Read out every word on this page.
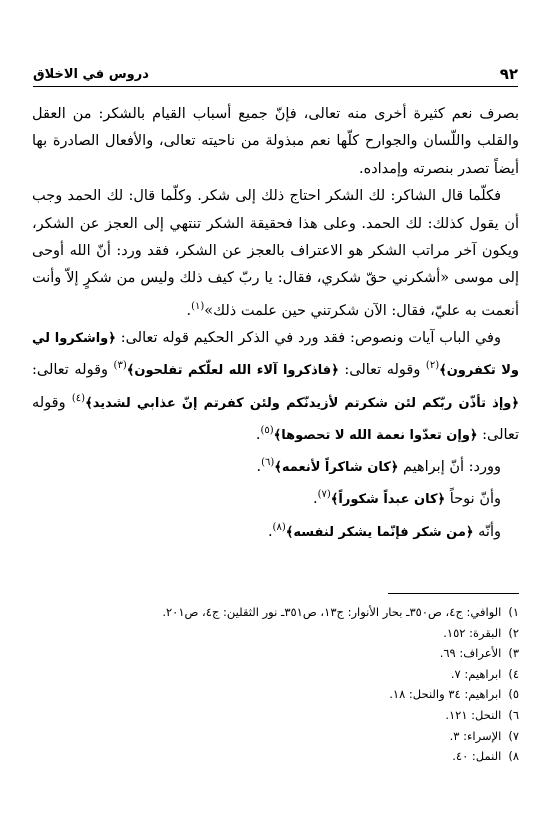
٩٢
دروس في الاخلاق

بصرف نعم كثيرة أخرى منه تعالى، فإنّ جميع أسباب القيام بالشكر: من العقل والقلب واللّسان والجوارح كلّها نعم مبذولة من ناحيته تعالى، والأفعال الصادرة بها أيضاً تصدر بنصرته وإمداده.

فكلّما قال الشاكر: لك الشكر احتاج ذلك إلى شكر. وكلّما قال: لك الحمد وجب أن يقول كذلك: لك الحمد. وعلى هذا فحقيقة الشكر تنتهي إلى العجز عن الشكر، ويكون آخر مراتب الشكر هو الاعتراف بالعجز عن الشكر، فقد ورد: أنّ الله أوحى إلى موسى «أشكرني حقّ شكري، فقال: يا ربّ كيف ذلك وليس من شكرٍ إلاّ وأنت أنعمت به عليّ، فقال: الآن شكرتني حين علمت ذلك»$^{(١)}$.

وفي الباب آيات ونصوص: فقد ورد في الذكر الحكيم قوله تعالى: ﴿واشكروا لي ولا تكفرون﴾$^{(٢)}$ وقوله تعالى: ﴿فاذكروا آلاء الله لعلّكم تفلحون﴾$^{(٣)}$ وقوله تعالى: ﴿وإذ تأذّن ربّكم لئن شكرتم لأزيدنّكم ولئن كفرتم إنّ عذابي لشديد﴾$^{(٤)}$ وقوله تعالى: ﴿وإن تعدّوا نعمة الله لا تحصوها﴾$^{(٥)}$.

وورد: أنّ إبراهيم ﴿كان شاكراً لأنعمه﴾$^{(٦)}$.

وأنّ نوحاً ﴿كان عبداً شكوراً﴾$^{(٧)}$.

وأنّه ﴿من شكر فإنّما يشكر لنفسه﴾$^{(٨)}$.

١) الوافي: ج٤، ص٣٥٠ـ بحار الأنوار: ج١٣، ص٣٥١ـ نور الثقلين: ج٤، ص٢٠١.
٢) البقرة: ١٥٢.
٣) الأعراف: ٦٩.
٤) ابراهيم: ٧.
٥) ابراهيم: ٣٤ والنحل: ١٨.
٦) النحل: ١٢١.
٧) الإسراء: ٣.
٨) النمل: ٤٠.
